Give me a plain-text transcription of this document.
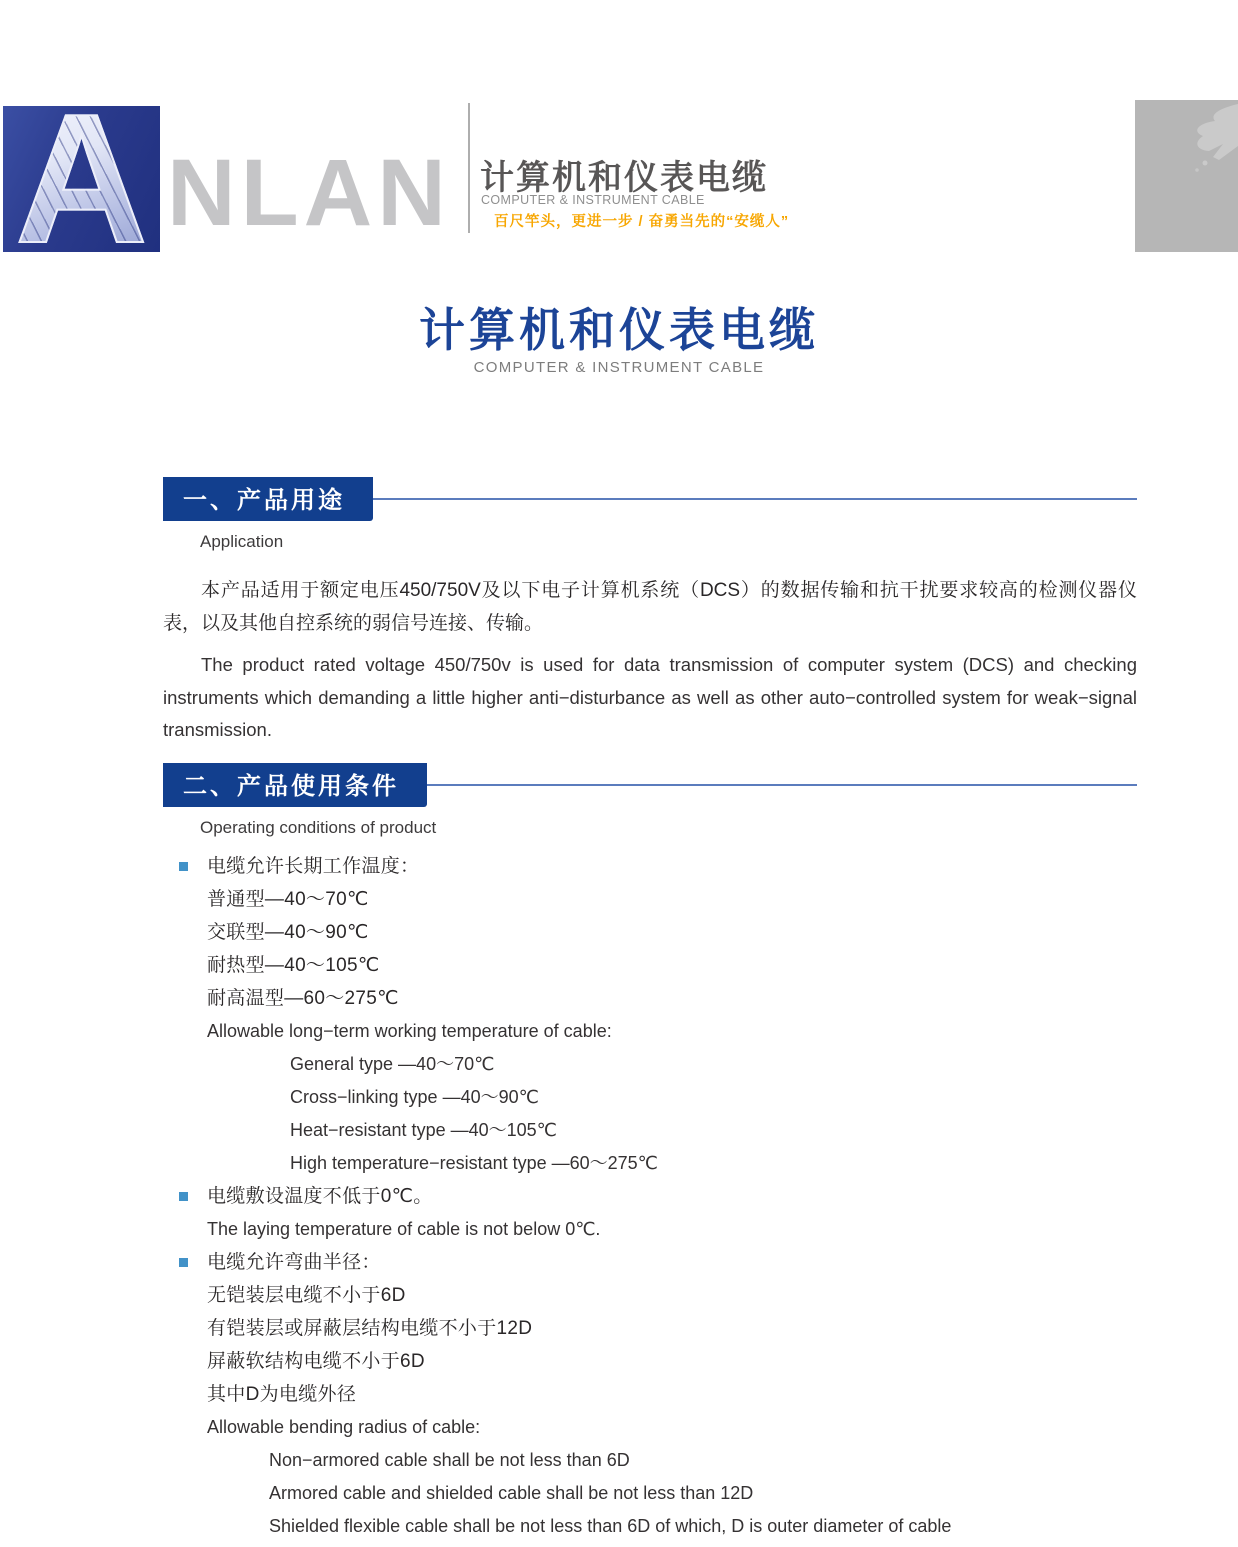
A NLAN 计算机和仪表电缆
COMPUTER & INSTRUMENT CABLE
百尺竿头，更进一步 / 奋勇当先的“安缆人”
计算机和仪表电缆
COMPUTER & INSTRUMENT CABLE
一、产品用途
Application
本产品适用于额定电压450/750V及以下电子计算机系统（DCS）的数据传输和抗干扰要求较高的检测仪器仪表，以及其他自控系统的弱信号连接、传输。
The product rated voltage 450/750v is used for data transmission of computer system (DCS) and checking instruments which demanding a little higher anti−disturbance as well as other auto−controlled system for weak−signal transmission.
二、产品使用条件
Operating conditions of product
电缆允许长期工作温度：
普通型—40～70℃
交联型—40～90℃
耐热型—40～105℃
耐高温型—60～275℃
Allowable long−term working temperature of cable:
General type —40～70℃
Cross−linking type —40～90℃
Heat−resistant type —40～105℃
High temperature−resistant type —60～275℃
电缆敷设温度不低于0℃。
The laying temperature of cable is not below 0℃.
电缆允许弯曲半径：
无铠装层电缆不小于6D
有铠装层或屏蔽层结构电缆不小于12D
屏蔽软结构电缆不小于6D
其中D为电缆外径
Allowable bending radius of cable:
Non−armored cable shall be not less than 6D
Armored cable and shielded cable shall be not less than 12D
Shielded flexible cable shall be not less than 6D of which, D is outer diameter of cable
